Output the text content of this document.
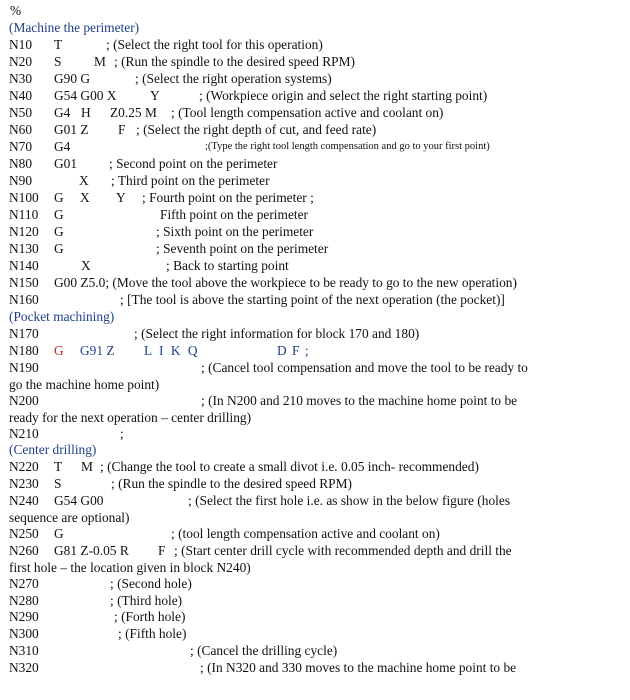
%
(Machine the perimeter)
N10 T	; (Select the right tool for this operation)
N20 S M ; (Run the spindle to the desired speed RPM)
N30 G90 G	; (Select the right operation systems)
N40 G54 G00 X	Y	; (Workpiece origin and select the right starting point)
N50 G4 H Z0.25 M ; (Tool length compensation active and coolant on)
N60 G01 Z F ; (Select the right depth of cut, and feed rate)
N70 G4	;(Type the right tool length compensation and go to your first point)
N80 G01 ; Second point on the perimeter
N90	X ; Third point on the perimeter
N100 G X Y ; Fourth point on the perimeter ;
N110 G	Fifth point on the perimeter
N120 G	; Sixth point on the perimeter
N130 G	; Seventh point on the perimeter
N140	X	; Back to starting point
N150 G00 Z5.0; (Move the tool above the workpiece to be ready to go to the new operation)
N160	; [The tool is above the starting point of the next operation (the pocket)]
(Pocket machining)
N170	; (Select the right information for block 170 and 180)
N180 G G91 Z L I K Q	D F ;
N190	; (Cancel tool compensation and move the tool to be ready to
go the machine home point)
N200	; (In N200 and 210 moves to the machine home point to be
ready for the next operation – center drilling)
N210	;
(Center drilling)
N220 T M ; (Change the tool to create a small divot i.e. 0.05 inch- recommended)
N230 S	; (Run the spindle to the desired speed RPM)
N240 G54 G00	; (Select the first hole i.e. as show in the below figure (holes
sequence are optional)
N250 G	; (tool length compensation active and coolant on)
N260 G81 Z-0.05 R F ; (Start center drill cycle with recommended depth and drill the
first hole – the location given in block N240)
N270	; (Second hole)
N280	; (Third hole)
N290	; (Forth hole)
N300	; (Fifth hole)
N310	; (Cancel the drilling cycle)
N320	; (In N320 and 330 moves to the machine home point to be
